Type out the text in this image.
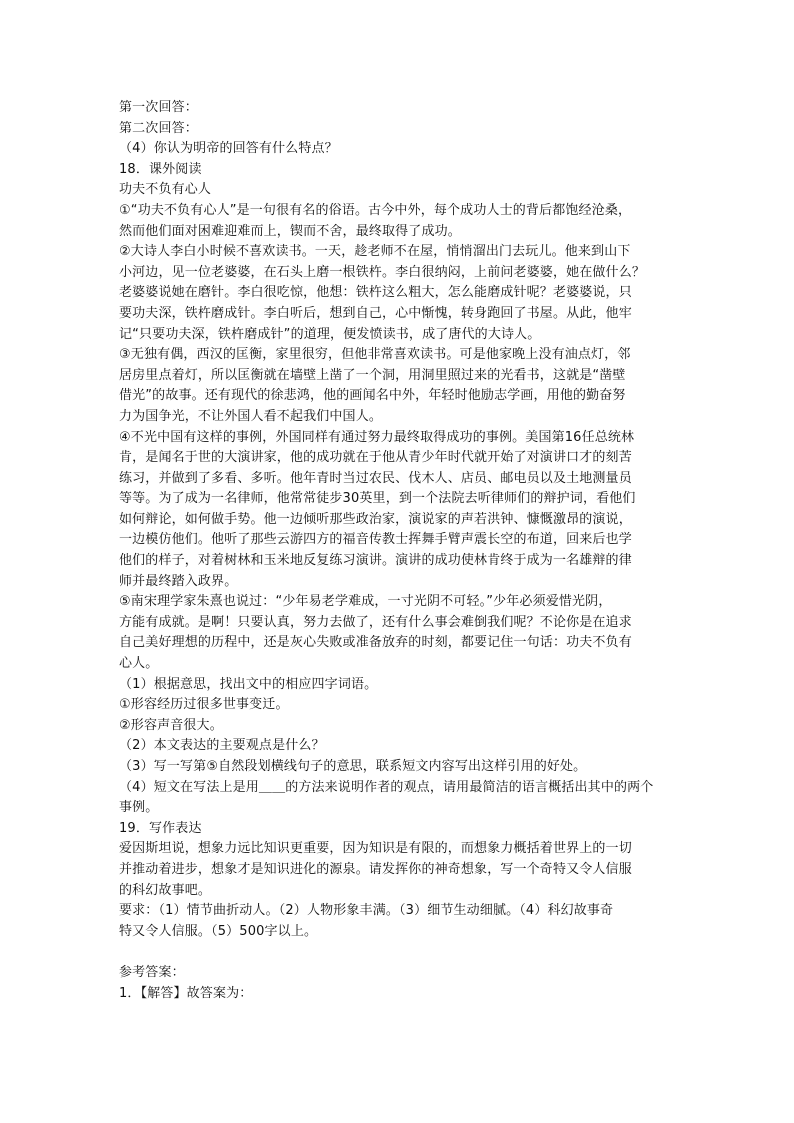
第一次回答：
第二次回答：
（4）你认为明帝的回答有什么特点？
18．课外阅读
功夫不负有心人
①“功夫不负有心人”是一句很有名的俗语。古今中外，每个成功人士的背后都饱经沧桑，
然而他们面对困难迎难而上，锲而不舍，最终取得了成功。
②大诗人李白小时候不喜欢读书。一天，趁老师不在屋，悄悄溜出门去玩儿。他来到山下
小河边，见一位老婆婆，在石头上磨一根铁杵。李白很纳闷，上前问老婆婆，她在做什么？
老婆婆说她在磨针。李白很吃惊，他想：铁杵这么粗大，怎么能磨成针呢？老婆婆说，只
要功夫深，铁杵磨成针。李白听后，想到自己，心中惭愧，转身跑回了书屋。从此，他牢
记“只要功夫深，铁杵磨成针”的道理，便发愤读书，成了唐代的大诗人。
③无独有偶，西汉的匡衡，家里很穷，但他非常喜欢读书。可是他家晚上没有油点灯，邻
居房里点着灯，所以匡衡就在墙壁上凿了一个洞，用洞里照过来的光看书，这就是“凿壁
借光”的故事。还有现代的徐悲鸿，他的画闻名中外，年轻时他励志学画，用他的勤奋努
力为国争光，不让外国人看不起我们中国人。
④不光中国有这样的事例，外国同样有通过努力最终取得成功的事例。美国第16任总统林
肯，是闻名于世的大演讲家，他的成功就在于他从青少年时代就开始了对演讲口才的刻苦
练习，并做到了多看、多听。他年青时当过农民、伐木人、店员、邮电员以及土地测量员
等等。为了成为一名律师，他常常徒步30英里，到一个法院去听律师们的辩护词，看他们
如何辩论，如何做手势。他一边倾听那些政治家，演说家的声若洪钟、慷慨激昂的演说，
一边模仿他们。他听了那些云游四方的福音传教士挥舞手臂声震长空的布道，回来后也学
他们的样子，对着树林和玉米地反复练习演讲。演讲的成功使林肯终于成为一名雄辩的律
师并最终踏入政界。
⑤南宋理学家朱熹也说过：“少年易老学难成，一寸光阴不可轻。”少年必须爱惜光阴，
方能有成就。是啊！只要认真，努力去做了，还有什么事会难倒我们呢？不论你是在追求
自己美好理想的历程中，还是灰心失败或准备放弃的时刻，都要记住一句话：功夫不负有
心人。
（1）根据意思，找出文中的相应四字词语。
①形容经历过很多世事变迁。
②形容声音很大。
（2）本文表达的主要观点是什么？
（3）写一写第⑤自然段划横线句子的意思，联系短文内容写出这样引用的好处。
（4）短文在写法上是用＿＿的方法来说明作者的观点，请用最简洁的语言概括出其中的两个
事例。
19．写作表达
爱因斯坦说，想象力远比知识更重要，因为知识是有限的，而想象力概括着世界上的一切
并推动着进步，想象才是知识进化的源泉。请发挥你的神奇想象，写一个奇特又令人信服
的科幻故事吧。
要求：（1）情节曲折动人。（2）人物形象丰满。（3）细节生动细腻。（4）科幻故事奇
特又令人信服。（5）500字以上。
参考答案：
1．【解答】故答案为：
